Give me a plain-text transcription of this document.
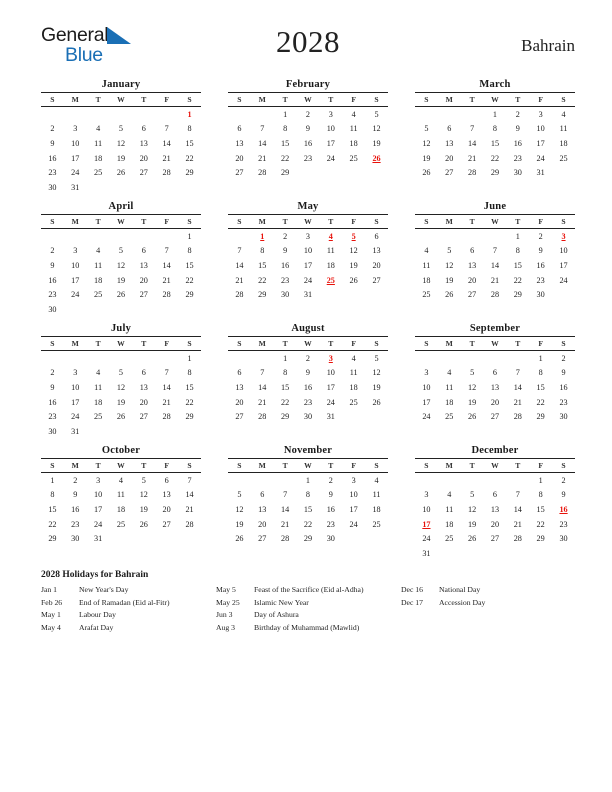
General
Blue	2028	Bahrain
January
S	M	T	W	T	F	S
						1
2	3	4	5	6	7	8
9	10	11	12	13	14	15
16	17	18	19	20	21	22
23	24	25	26	27	28	29
30	31					
February
S	M	T	W	T	F	S
		1	2	3	4	5
6	7	8	9	10	11	12
13	14	15	16	17	18	19
20	21	22	23	24	25	26
27	28	29				

March
S	M	T	W	T	F	S
			1	2	3	4
5	6	7	8	9	10	11
12	13	14	15	16	17	18
19	20	21	22	23	24	25
26	27	28	29	30	31	

April
S	M	T	W	T	F	S
						1
2	3	4	5	6	7	8
9	10	11	12	13	14	15
16	17	18	19	20	21	22
23	24	25	26	27	28	29
30						
May
S	M	T	W	T	F	S
	1	2	3	4	5	6
7	8	9	10	11	12	13
14	15	16	17	18	19	20
21	22	23	24	25	26	27
28	29	30	31			

June
S	M	T	W	T	F	S
				1	2	3
4	5	6	7	8	9	10
11	12	13	14	15	16	17
18	19	20	21	22	23	24
25	26	27	28	29	30	

July
S	M	T	W	T	F	S
						1
2	3	4	5	6	7	8
9	10	11	12	13	14	15
16	17	18	19	20	21	22
23	24	25	26	27	28	29
30	31					
August
S	M	T	W	T	F	S
		1	2	3	4	5
6	7	8	9	10	11	12
13	14	15	16	17	18	19
20	21	22	23	24	25	26
27	28	29	30	31		

September
S	M	T	W	T	F	S
					1	2
3	4	5	6	7	8	9
10	11	12	13	14	15	16
17	18	19	20	21	22	23
24	25	26	27	28	29	30

October
S	M	T	W	T	F	S
1	2	3	4	5	6	7
8	9	10	11	12	13	14
15	16	17	18	19	20	21
22	23	24	25	26	27	28
29	30	31				

November
S	M	T	W	T	F	S
			1	2	3	4
5	6	7	8	9	10	11
12	13	14	15	16	17	18
19	20	21	22	23	24	25
26	27	28	29	30		

December
S	M	T	W	T	F	S
					1	2
3	4	5	6	7	8	9
10	11	12	13	14	15	16
17	18	19	20	21	22	23
24	25	26	27	28	29	30
31						
2028 Holidays for Bahrain
Jan 1	New Year's Day
Feb 26	End of Ramadan (Eid al-Fitr)
May 1	Labour Day
May 4	Arafat Day
May 5	Feast of the Sacrifice (Eid al-Adha)
May 25	Islamic New Year
Jun 3	Day of Ashura
Aug 3	Birthday of Muhammad (Mawlid)
Dec 16	National Day
Dec 17	Accession Day
